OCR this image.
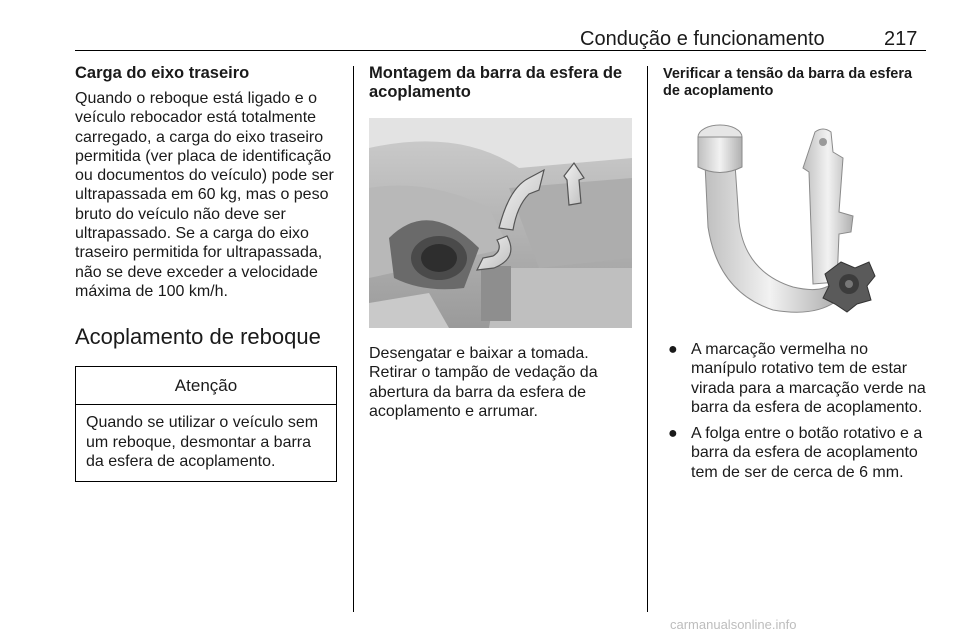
Condução e funcionamento	217

Carga do eixo traseiro

Quando o reboque está ligado e o veículo rebocador está totalmente carregado, a carga do eixo traseiro permitida (ver placa de identificação ou documentos do veículo) pode ser ultrapassada em 60 kg, mas o peso bruto do veículo não deve ser ultrapassado. Se a carga do eixo traseiro permitida for ultrapassada, não se deve exceder a velocidade máxima de 100 km/h.

Acoplamento de reboque

Atenção
Quando se utilizar o veículo sem um reboque, desmontar a barra da esfera de acoplamento.

Montagem da barra da esfera de acoplamento

Desengatar e baixar a tomada. Retirar o tampão de vedação da abertura da barra da esfera de acoplamento e arrumar.

Verificar a tensão da barra da esfera de acoplamento

● A marcação vermelha no manípulo rotativo tem de estar virada para a marcação verde na barra da esfera de acoplamento.
● A folga entre o botão rotativo e a barra da esfera de acoplamento tem de ser de cerca de 6 mm.
carmanualsonline.info
